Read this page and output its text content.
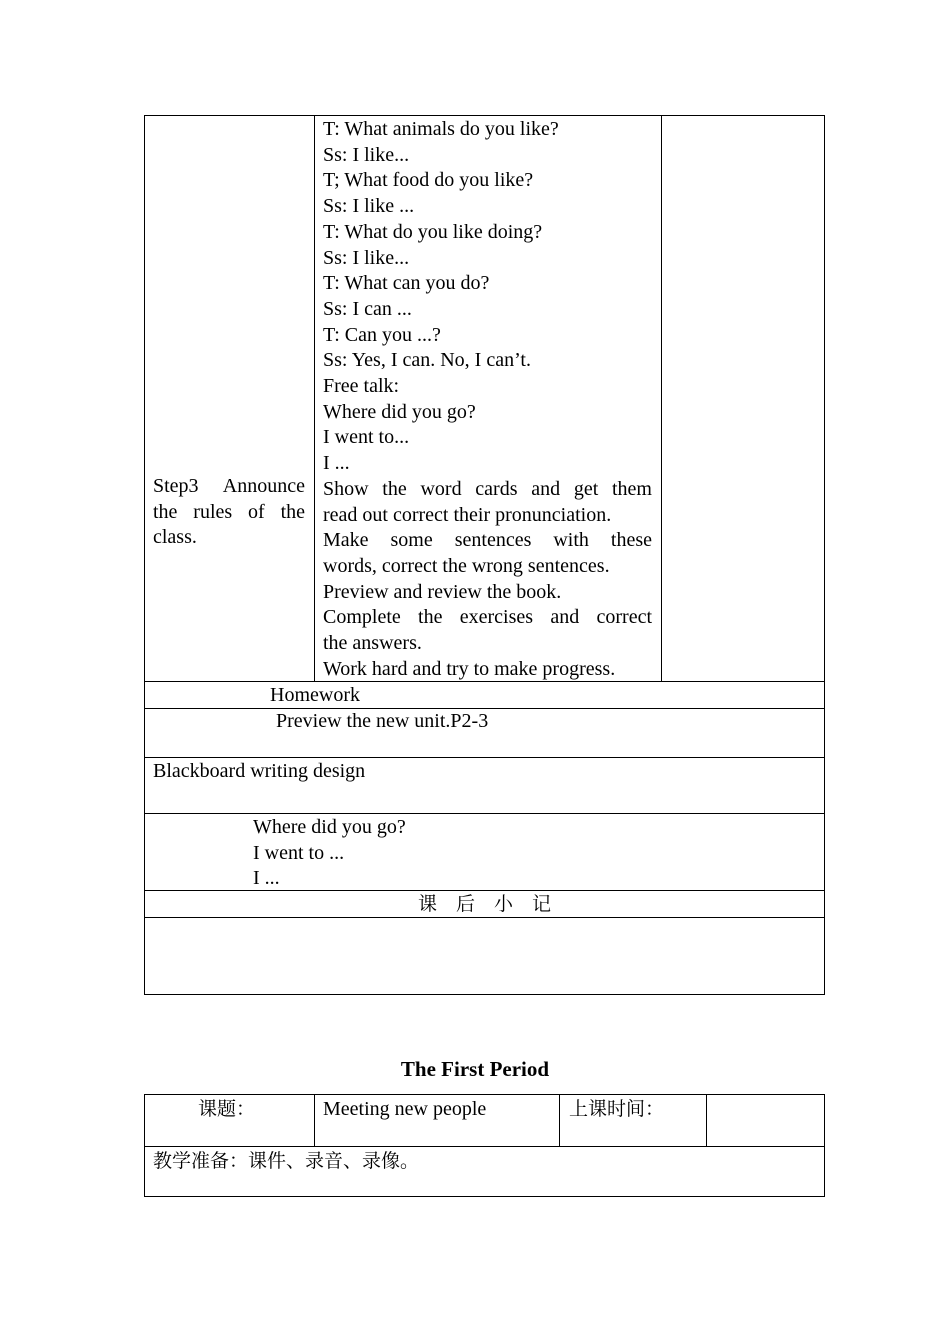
Step3 Announce
the rules of the
class.
T: What animals do you like?
Ss: I like...
T; What food do you like?
Ss: I like ...
T: What do you like doing?
Ss: I like...
T: What can you do?
Ss: I can ...
T: Can you ...?
Ss: Yes, I can. No, I can’t.
Free talk:
Where did you go?
I went to...
I ...
Show the word cards and get them
read out correct their pronunciation.
Make some sentences with these
words, correct the wrong sentences.
Preview and review the book.
Complete the exercises and correct
the answers.
Work hard and try to make progress.
Homework
Preview the new unit.P2-3
Blackboard writing design
Where did you go?
I went to ...
I ...
课　后　小　记
The First Period
课题：	Meeting new people	上课时间：
教学准备：课件、录音、录像。
